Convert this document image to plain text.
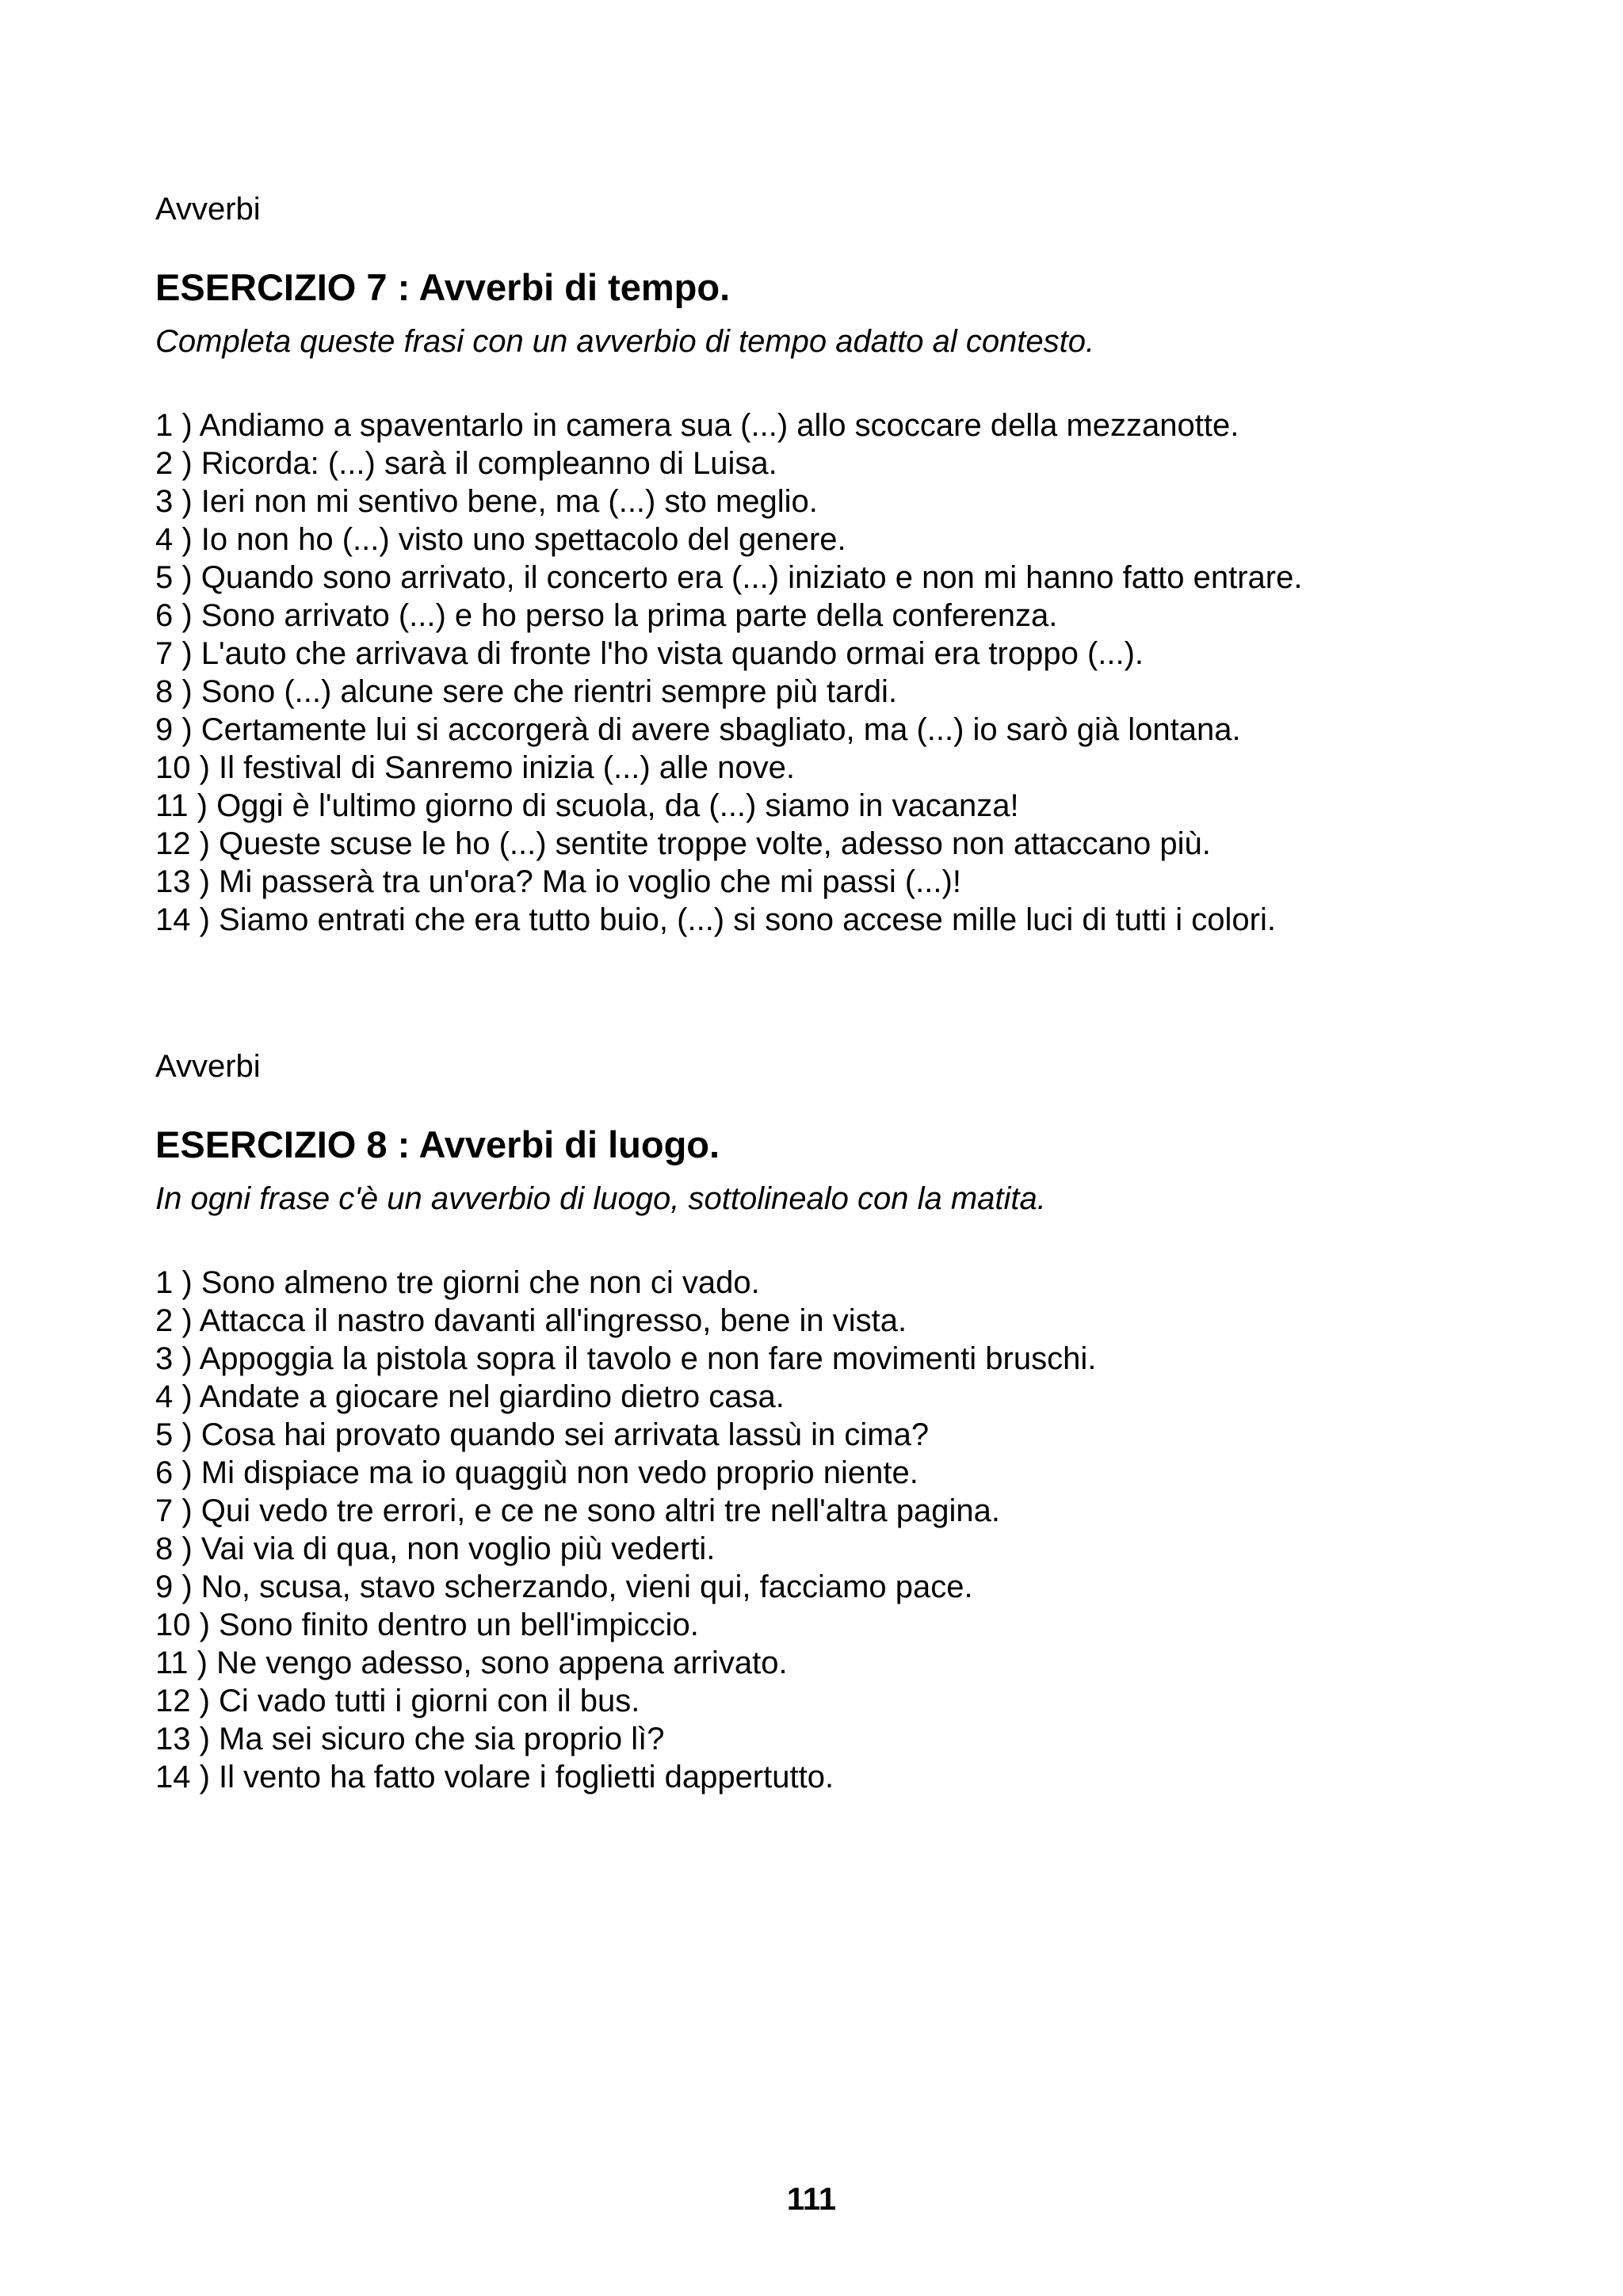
Avverbi

ESERCIZIO 7 : Avverbi di tempo.

Completa queste frasi con un avverbio di tempo adatto al contesto.

1 ) Andiamo a spaventarlo in camera sua (...) allo scoccare della mezzanotte.
2 ) Ricorda: (...) sarà il compleanno di Luisa.
3 ) Ieri non mi sentivo bene, ma (...) sto meglio.
4 ) Io non ho (...) visto uno spettacolo del genere.
5 ) Quando sono arrivato, il concerto era (...) iniziato e non mi hanno fatto entrare.
6 ) Sono arrivato (...) e ho perso la prima parte della conferenza.
7 ) L'auto che arrivava di fronte l'ho vista quando ormai era troppo (...).
8 ) Sono (...) alcune sere che rientri sempre più tardi.
9 ) Certamente lui si accorgerà di avere sbagliato, ma (...) io sarò già lontana.
10 ) Il festival di Sanremo inizia (...) alle nove.
11 ) Oggi è l'ultimo giorno di scuola, da (...) siamo in vacanza!
12 ) Queste scuse le ho (...) sentite troppe volte, adesso non attaccano più.
13 ) Mi passerà tra un'ora? Ma io voglio che mi passi (...)!
14 ) Siamo entrati che era tutto buio, (...) si sono accese mille luci di tutti i colori.

Avverbi

ESERCIZIO 8 : Avverbi di luogo.

In ogni frase c'è un avverbio di luogo, sottolinealo con la matita.

1 ) Sono almeno tre giorni che non ci vado.
2 ) Attacca il nastro davanti all'ingresso, bene in vista.
3 ) Appoggia la pistola sopra il tavolo e non fare movimenti bruschi.
4 ) Andate a giocare nel giardino dietro casa.
5 ) Cosa hai provato quando sei arrivata lassù in cima?
6 ) Mi dispiace ma io quaggiù non vedo proprio niente.
7 ) Qui vedo tre errori, e ce ne sono altri tre nell'altra pagina.
8 ) Vai via di qua, non voglio più vederti.
9 ) No, scusa, stavo scherzando, vieni qui, facciamo pace.
10 ) Sono finito dentro un bell'impiccio.
11 ) Ne vengo adesso, sono appena arrivato.
12 ) Ci vado tutti i giorni con il bus.
13 ) Ma sei sicuro che sia proprio lì?
14 ) Il vento ha fatto volare i foglietti dappertutto.
111
